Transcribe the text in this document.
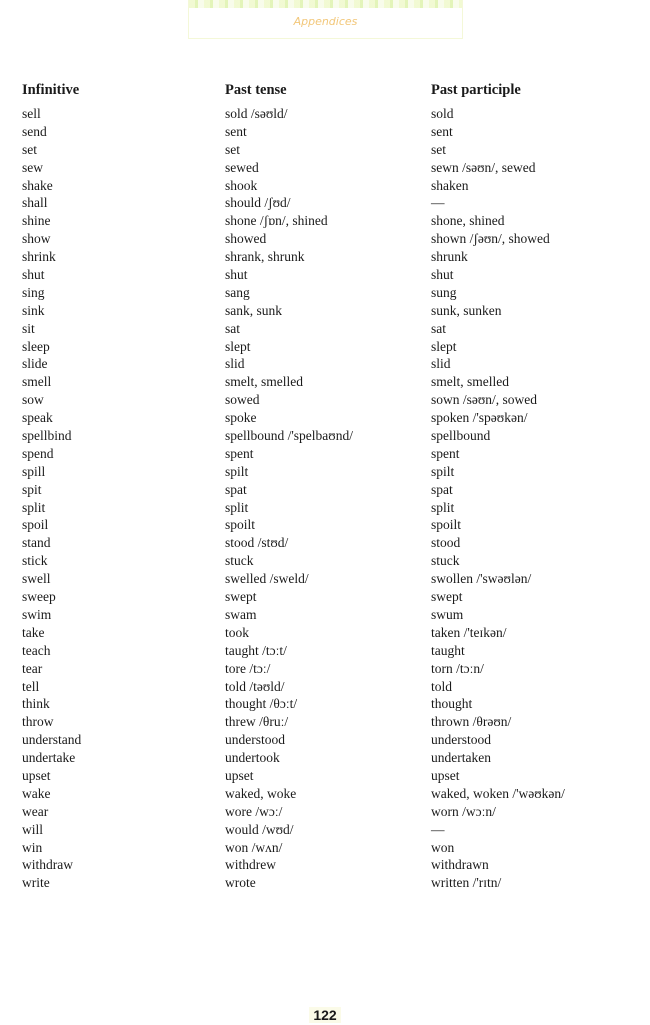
Appendices
Infinitive	Past tense	Past participle
sell	sold /səʊld/	sold
send	sent	sent
set	set	set
sew	sewed	sewn /səʊn/, sewed
shake	shook	shaken
shall	should /ʃʊd/	—
shine	shone /ʃɒn/, shined	shone, shined
show	showed	shown /ʃəʊn/, showed
shrink	shrank, shrunk	shrunk
shut	shut	shut
sing	sang	sung
sink	sank, sunk	sunk, sunken
sit	sat	sat
sleep	slept	slept
slide	slid	slid
smell	smelt, smelled	smelt, smelled
sow	sowed	sown /səʊn/, sowed
speak	spoke	spoken /'spəʊkən/
spellbind	spellbound /'spelbaʊnd/	spellbound
spend	spent	spent
spill	spilt	spilt
spit	spat	spat
split	split	split
spoil	spoilt	spoilt
stand	stood /stʊd/	stood
stick	stuck	stuck
swell	swelled /sweld/	swollen /'swəʊlən/
sweep	swept	swept
swim	swam	swum
take	took	taken /'teɪkən/
teach	taught /tɔːt/	taught
tear	tore /tɔː/	torn /tɔːn/
tell	told /təʊld/	told
think	thought /θɔːt/	thought
throw	threw /θruː/	thrown /θrəʊn/
understand	understood	understood
undertake	undertook	undertaken
upset	upset	upset
wake	waked, woke	waked, woken /'wəʊkən/
wear	wore /wɔː/	worn /wɔːn/
will	would /wʊd/	—
win	won /wʌn/	won
withdraw	withdrew	withdrawn
write	wrote	written /'rɪtn/
122
